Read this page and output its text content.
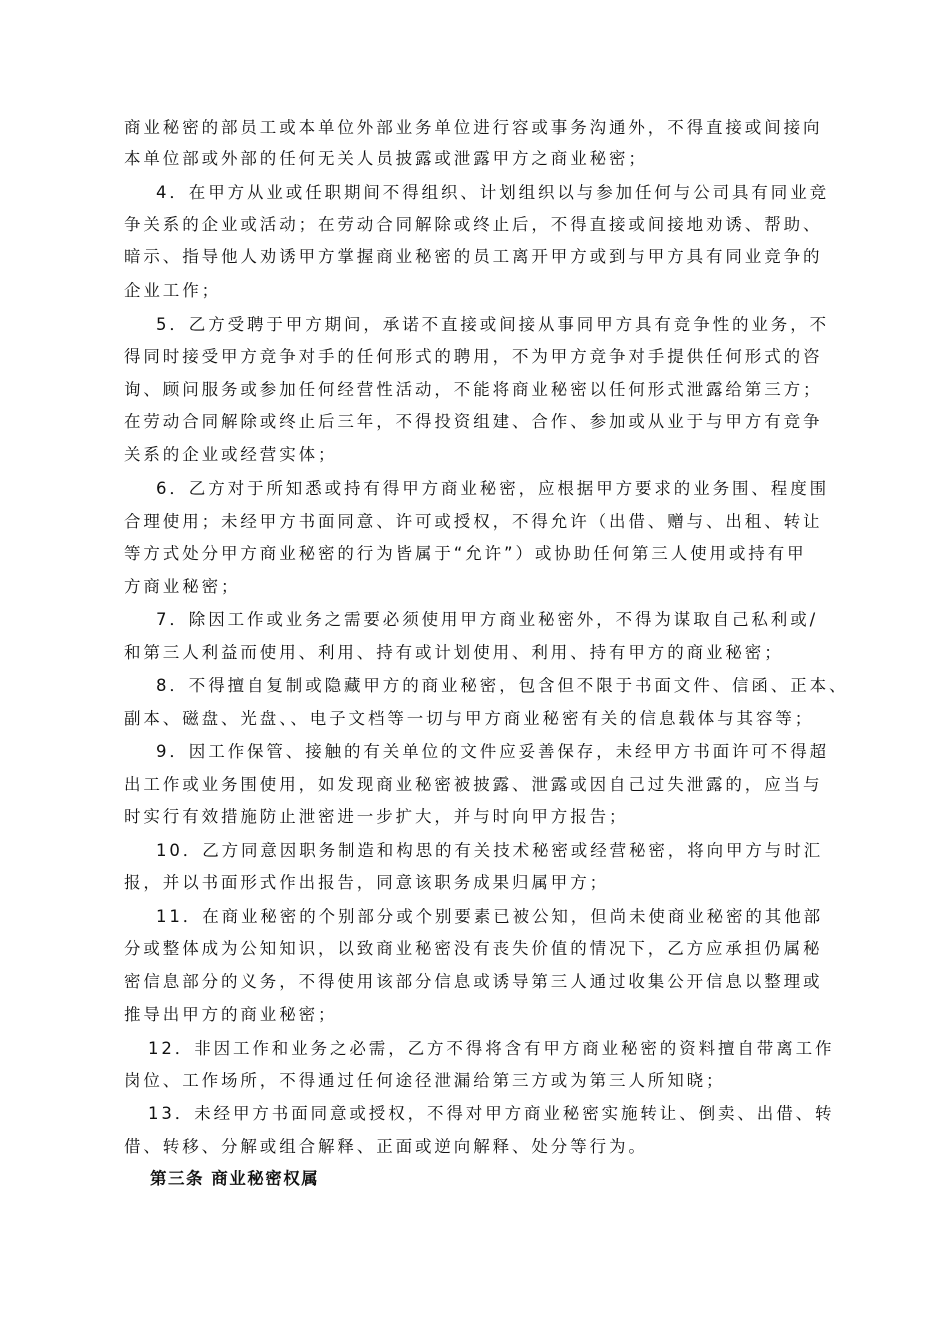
商业秘密的部员工或本单位外部业务单位进行容或事务沟通外，不得直接或间接向
本单位部或外部的任何无关人员披露或泄露甲方之商业秘密；
4．在甲方从业或任职期间不得组织、计划组织以与参加任何与公司具有同业竞
争关系的企业或活动；在劳动合同解除或终止后，不得直接或间接地劝诱、帮助、
暗示、指导他人劝诱甲方掌握商业秘密的员工离开甲方或到与甲方具有同业竞争的
企业工作；
5．乙方受聘于甲方期间，承诺不直接或间接从事同甲方具有竞争性的业务，不
得同时接受甲方竞争对手的任何形式的聘用，不为甲方竞争对手提供任何形式的咨
询、顾问服务或参加任何经营性活动，不能将商业秘密以任何形式泄露给第三方；
在劳动合同解除或终止后三年，不得投资组建、合作、参加或从业于与甲方有竞争
关系的企业或经营实体；
6．乙方对于所知悉或持有得甲方商业秘密，应根据甲方要求的业务围、程度围
合理使用；未经甲方书面同意、许可或授权，不得允许（出借、赠与、出租、转让
等方式处分甲方商业秘密的行为皆属于“允许”）或协助任何第三人使用或持有甲
方商业秘密；
7．除因工作或业务之需要必须使用甲方商业秘密外，不得为谋取自己私利或/
和第三人利益而使用、利用、持有或计划使用、利用、持有甲方的商业秘密；
8．不得擅自复制或隐藏甲方的商业秘密，包含但不限于书面文件、信函、正本、
副本、磁盘、光盘、、电子文档等一切与甲方商业秘密有关的信息载体与其容等；
9．因工作保管、接触的有关单位的文件应妥善保存，未经甲方书面许可不得超
出工作或业务围使用，如发现商业秘密被披露、泄露或因自己过失泄露的，应当与
时实行有效措施防止泄密进一步扩大，并与时向甲方报告；
10．乙方同意因职务制造和构思的有关技术秘密或经营秘密，将向甲方与时汇
报，并以书面形式作出报告，同意该职务成果归属甲方；
11．在商业秘密的个别部分或个别要素已被公知，但尚未使商业秘密的其他部
分或整体成为公知知识，以致商业秘密没有丧失价值的情况下，乙方应承担仍属秘
密信息部分的义务，不得使用该部分信息或诱导第三人通过收集公开信息以整理或
推导出甲方的商业秘密；
12．非因工作和业务之必需，乙方不得将含有甲方商业秘密的资料擅自带离工作
岗位、工作场所，不得通过任何途径泄漏给第三方或为第三人所知晓；
13．未经甲方书面同意或授权，不得对甲方商业秘密实施转让、倒卖、出借、转
借、转移、分解或组合解释、正面或逆向解释、处分等行为。
第三条 商业秘密权属
